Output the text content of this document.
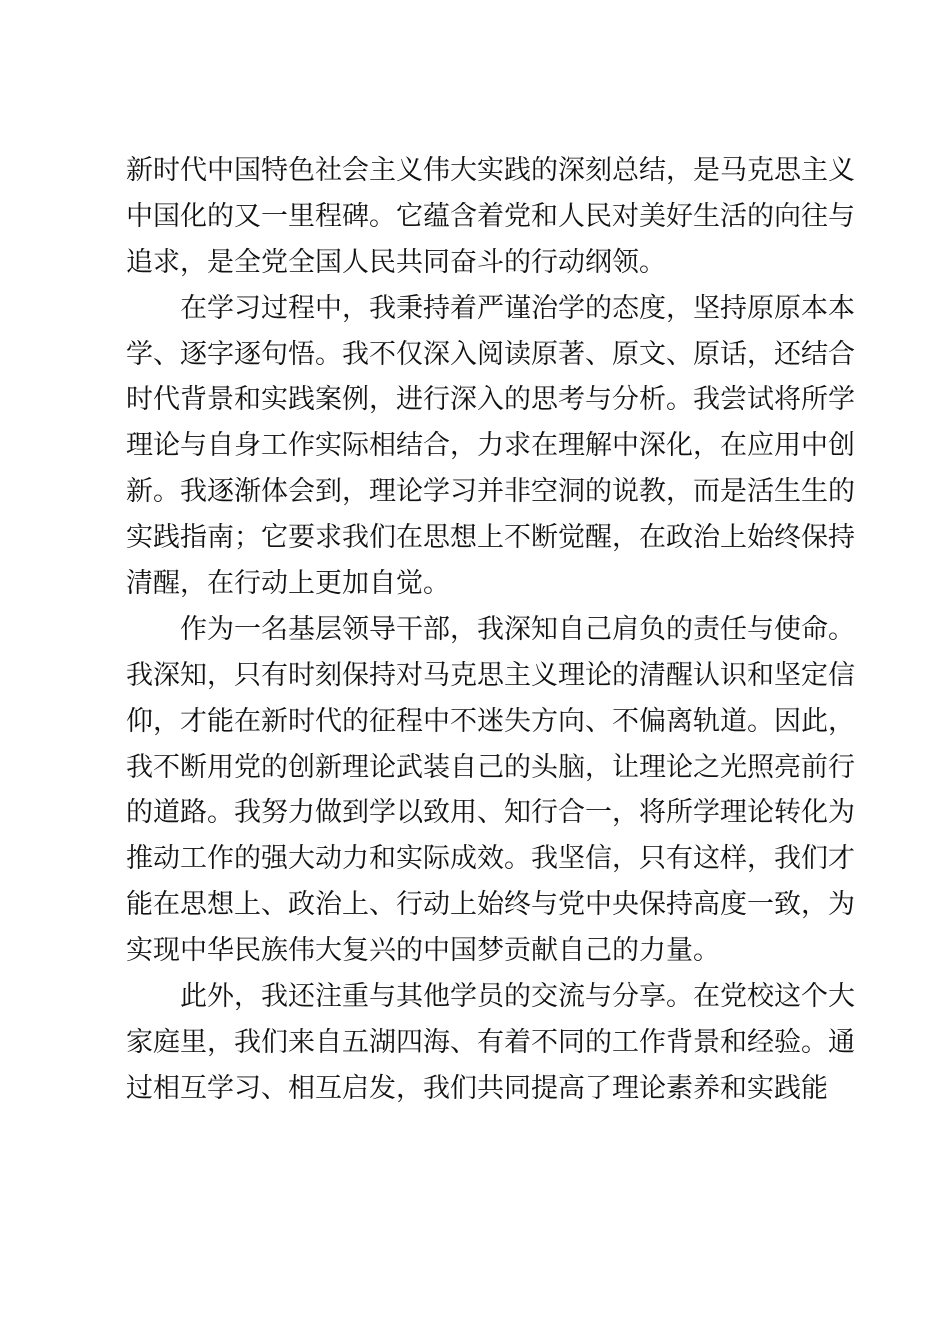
新时代中国特色社会主义伟大实践的深刻总结，是马克思主义
中国化的又一里程碑。它蕴含着党和人民对美好生活的向往与
追求，是全党全国人民共同奋斗的行动纲领。
在学习过程中，我秉持着严谨治学的态度，坚持原原本本
学、逐字逐句悟。我不仅深入阅读原著、原文、原话，还结合
时代背景和实践案例，进行深入的思考与分析。我尝试将所学
理论与自身工作实际相结合，力求在理解中深化，在应用中创
新。我逐渐体会到，理论学习并非空洞的说教，而是活生生的
实践指南；它要求我们在思想上不断觉醒，在政治上始终保持
清醒，在行动上更加自觉。
作为一名基层领导干部，我深知自己肩负的责任与使命。
我深知，只有时刻保持对马克思主义理论的清醒认识和坚定信
仰，才能在新时代的征程中不迷失方向、不偏离轨道。因此，
我不断用党的创新理论武装自己的头脑，让理论之光照亮前行
的道路。我努力做到学以致用、知行合一，将所学理论转化为
推动工作的强大动力和实际成效。我坚信，只有这样，我们才
能在思想上、政治上、行动上始终与党中央保持高度一致，为
实现中华民族伟大复兴的中国梦贡献自己的力量。
此外，我还注重与其他学员的交流与分享。在党校这个大
家庭里，我们来自五湖四海、有着不同的工作背景和经验。通
过相互学习、相互启发，我们共同提高了理论素养和实践能
